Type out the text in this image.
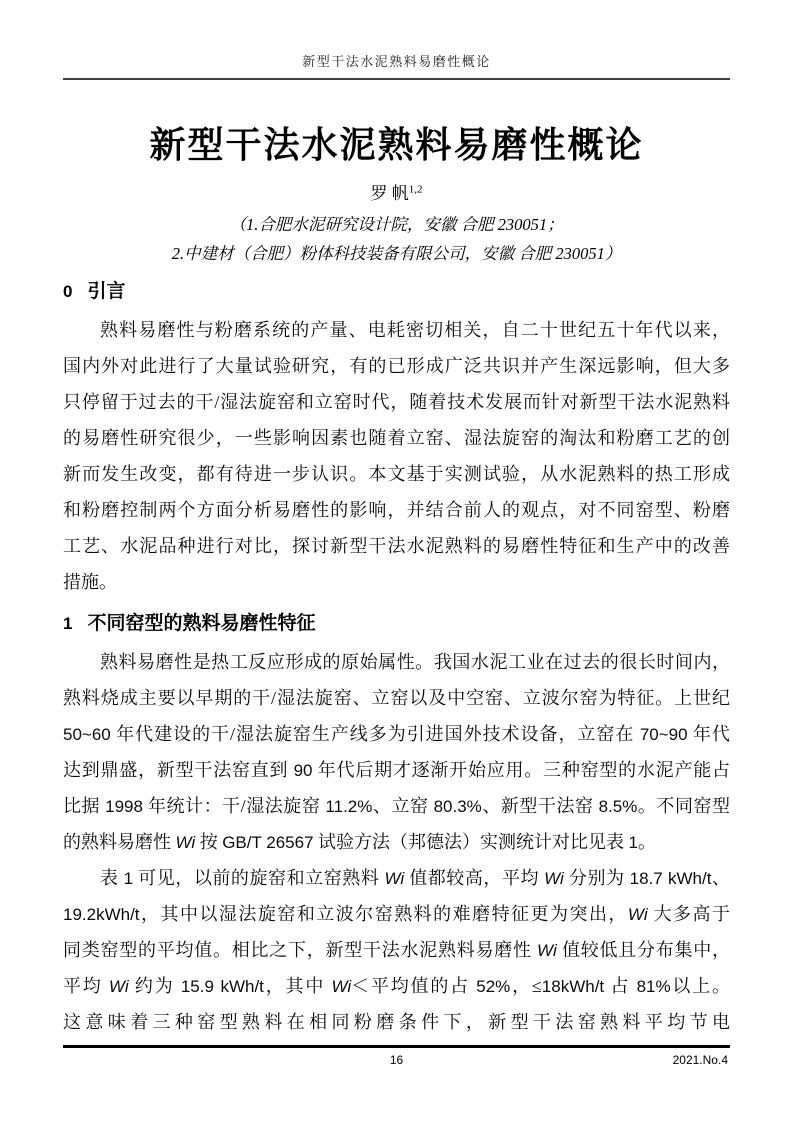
新型干法水泥熟料易磨性概论
新型干法水泥熟料易磨性概论
罗 帆$^{1,2}$
（1.合肥水泥研究设计院，安徽 合肥 230051；
2.中建材（合肥）粉体科技装备有限公司，安徽 合肥 230051）
0 引言
熟料易磨性与粉磨系统的产量、电耗密切相关，自二十世纪五十年代以来，
国内外对此进行了大量试验研究，有的已形成广泛共识并产生深远影响，但大多
只停留于过去的干/湿法旋窑和立窑时代，随着技术发展而针对新型干法水泥熟料
的易磨性研究很少，一些影响因素也随着立窑、湿法旋窑的淘汰和粉磨工艺的创
新而发生改变，都有待进一步认识。本文基于实测试验，从水泥熟料的热工形成
和粉磨控制两个方面分析易磨性的影响，并结合前人的观点，对不同窑型、粉磨
工艺、水泥品种进行对比，探讨新型干法水泥熟料的易磨性特征和生产中的改善
措施。
1 不同窑型的熟料易磨性特征
熟料易磨性是热工反应形成的原始属性。我国水泥工业在过去的很长时间内，
熟料烧成主要以早期的干/湿法旋窑、立窑以及中空窑、立波尔窑为特征。上世纪
50~60 年代建设的干/湿法旋窑生产线多为引进国外技术设备，立窑在 70~90 年代
达到鼎盛，新型干法窑直到 90 年代后期才逐渐开始应用。三种窑型的水泥产能占
比据 1998 年统计：干/湿法旋窑 11.2%、立窑 80.3%、新型干法窑 8.5%。不同窑型
的熟料易磨性 Wi 按 GB/T 26567 试验方法（邦德法）实测统计对比见表 1。
表 1 可见，以前的旋窑和立窑熟料 Wi 值都较高，平均 Wi 分别为 18.7 kWh/t、
19.2kWh/t，其中以湿法旋窑和立波尔窑熟料的难磨特征更为突出，Wi 大多高于
同类窑型的平均值。相比之下，新型干法水泥熟料易磨性 Wi 值较低且分布集中，
平均 Wi 约为 15.9 kWh/t，其中 Wi＜平均值的占 52%，≤18kWh/t 占 81%以上。
这意味着三种窑型熟料在相同粉磨条件下，新型干法窑熟料平均节电
16	2021.No.4
